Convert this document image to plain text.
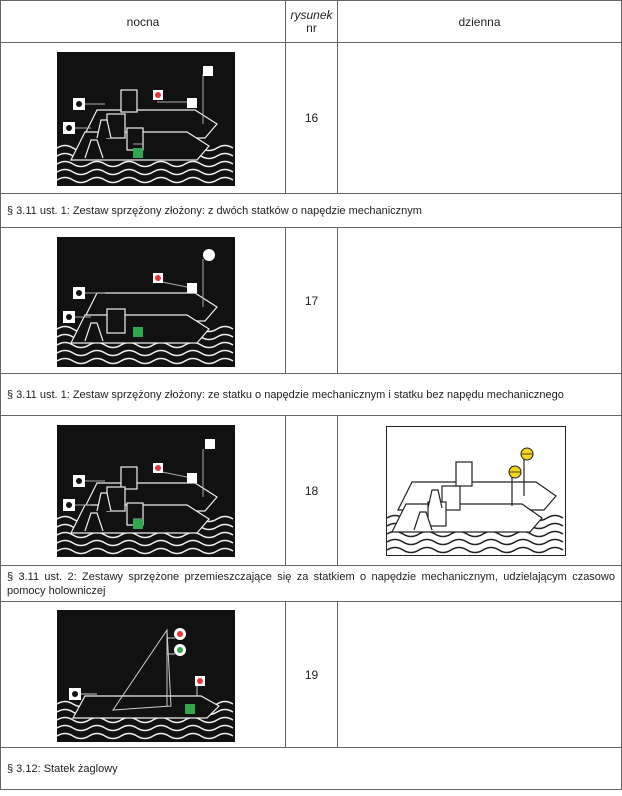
nocna	rysunek
nr	dzienna
16
§ 3.11 ust. 1: Zestaw sprzężony złożony: z dwóch statków o napędzie mechanicznym
17
§ 3.11 ust. 1: Zestaw sprzężony złożony: ze statku o napędzie mechanicznym i statku bez napędu mechanicznego
18
§ 3.11 ust. 2: Zestawy sprzężone przemieszczające się za statkiem o napędzie mechanicznym, udzielającym czasowo pomocy holowniczej
19
§ 3.12: Statek żaglowy
